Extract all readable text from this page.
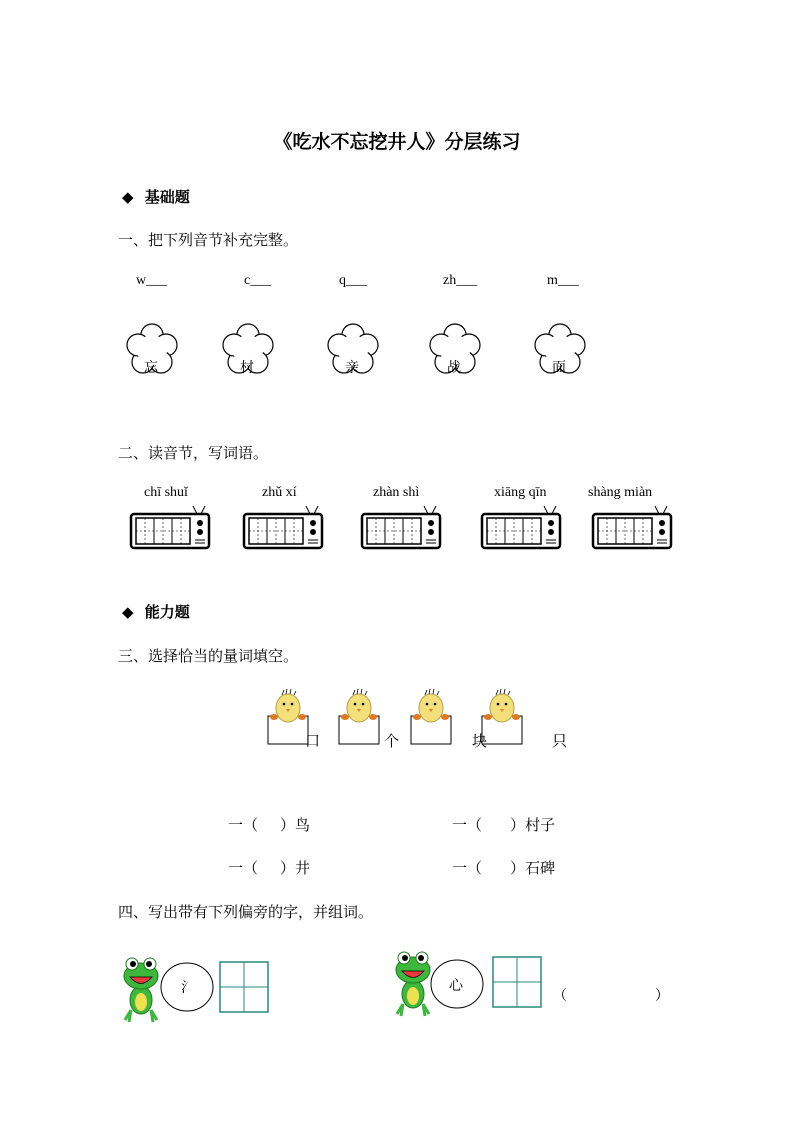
《吃水不忘挖井人》分层练习
◆ 基础题
一、把下列音节补充完整。
w___	c___	q___	zh___	m___
忘	村	亲	战	面
二、读音节，写词语。
chī shuǐ	zhǔ xí	zhàn shì	xiāng qīn	shàng miàn
◆ 能力题
三、选择恰当的量词填空。
口	个	块	只
一（ ）鸟	一（ ）村子
一（ ）井	一（ ）石碑
四、写出带有下列偏旁的字，并组词。
氵	心
（	）
